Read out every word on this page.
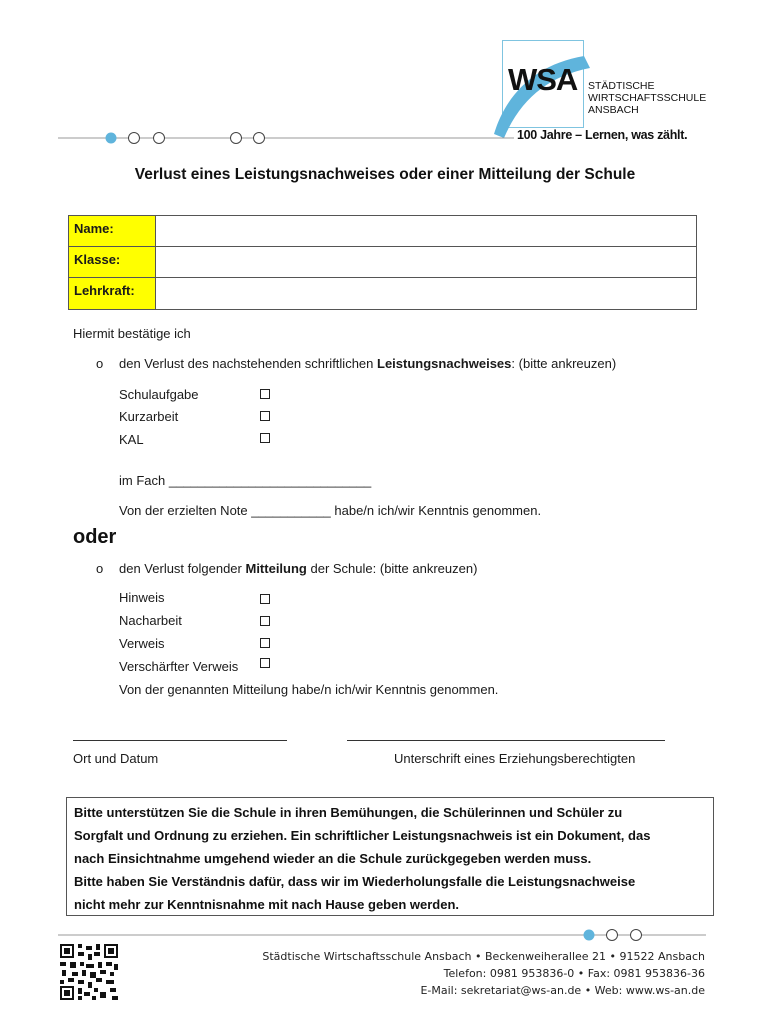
WSA STÄDTISCHE
WIRTSCHAFTSSCHULE
ANSBACH
100 Jahre – Lernen, was zählt.
Verlust eines Leistungsnachweises oder einer Mitteilung der Schule
Name:
Klasse:
Lehrkraft:
Hiermit bestätige ich
o den Verlust des nachstehenden schriftlichen Leistungsnachweises: (bitte ankreuzen)
Schulaufgabe
Kurzarbeit
KAL
im Fach ____________________________
Von der erzielten Note ___________ habe/n ich/wir Kenntnis genommen.
oder
o den Verlust folgender Mitteilung der Schule: (bitte ankreuzen)
Hinweis
Nacharbeit
Verweis
Verschärfter Verweis
Von der genannten Mitteilung habe/n ich/wir Kenntnis genommen.
Ort und Datum	Unterschrift eines Erziehungsberechtigten
Bitte unterstützen Sie die Schule in ihren Bemühungen, die Schülerinnen und Schüler zu
Sorgfalt und Ordnung zu erziehen. Ein schriftlicher Leistungsnachweis ist ein Dokument, das
nach Einsichtnahme umgehend wieder an die Schule zurückgegeben werden muss.
Bitte haben Sie Verständnis dafür, dass wir im Wiederholungsfalle die Leistungsnachweise
nicht mehr zur Kenntnisnahme mit nach Hause geben werden.
Städtische Wirtschaftsschule Ansbach • Beckenweiherallee 21 • 91522 Ansbach
Telefon: 0981 953836-0 • Fax: 0981 953836-36
E-Mail: sekretariat@ws-an.de • Web: www.ws-an.de
